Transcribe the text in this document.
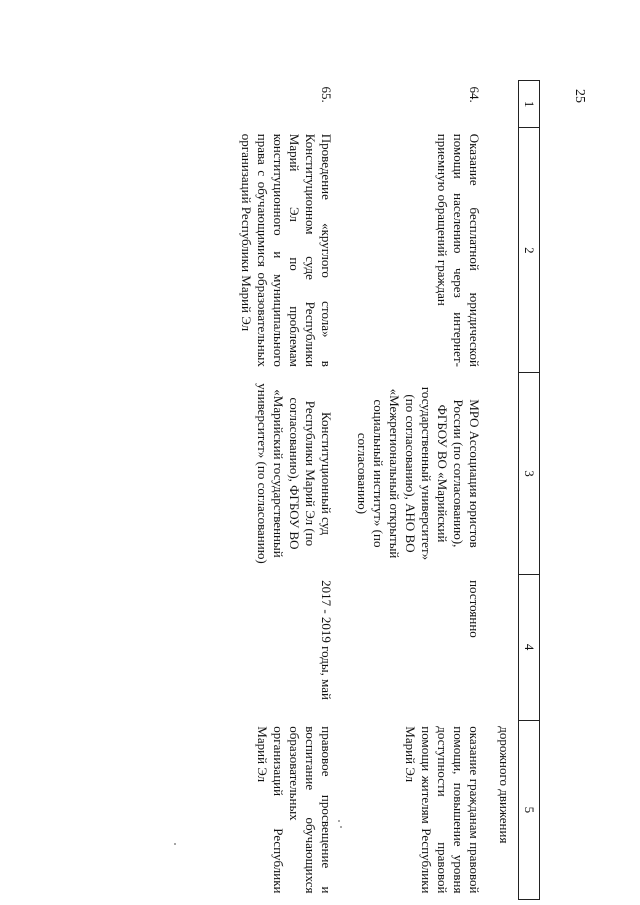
25
1	2	3	4	5
				дорожного движения
64.	Оказание бесплатной юридической помощи населению через интернет-приемную обращений граждан	МРО Ассоциация юристов России (по согласованию), ФГБОУ ВО «Марийский государственный университет» (по согласованию), АНО ВО «Межрегиональный открытый социальный институт» (по согласованию)	постоянно	оказание гражданам правовой помощи, повышение уровня доступности правовой помощи жителям Республики Марий Эл
65.	Проведение «круглого стола» в Конституционном суде Республики Марий Эл по проблемам конституционного и муниципального права с обучающимися образовательных организаций Республики Марий Эл	Конституционный суд Республики Марий Эл (по согласованию), ФГБОУ ВО «Марийский государственный университет» (по согласованию)	2017 - 2019 годы, май	правовое просвещение и воспитание обучающихся образовательных организаций Республики Марий Эл
